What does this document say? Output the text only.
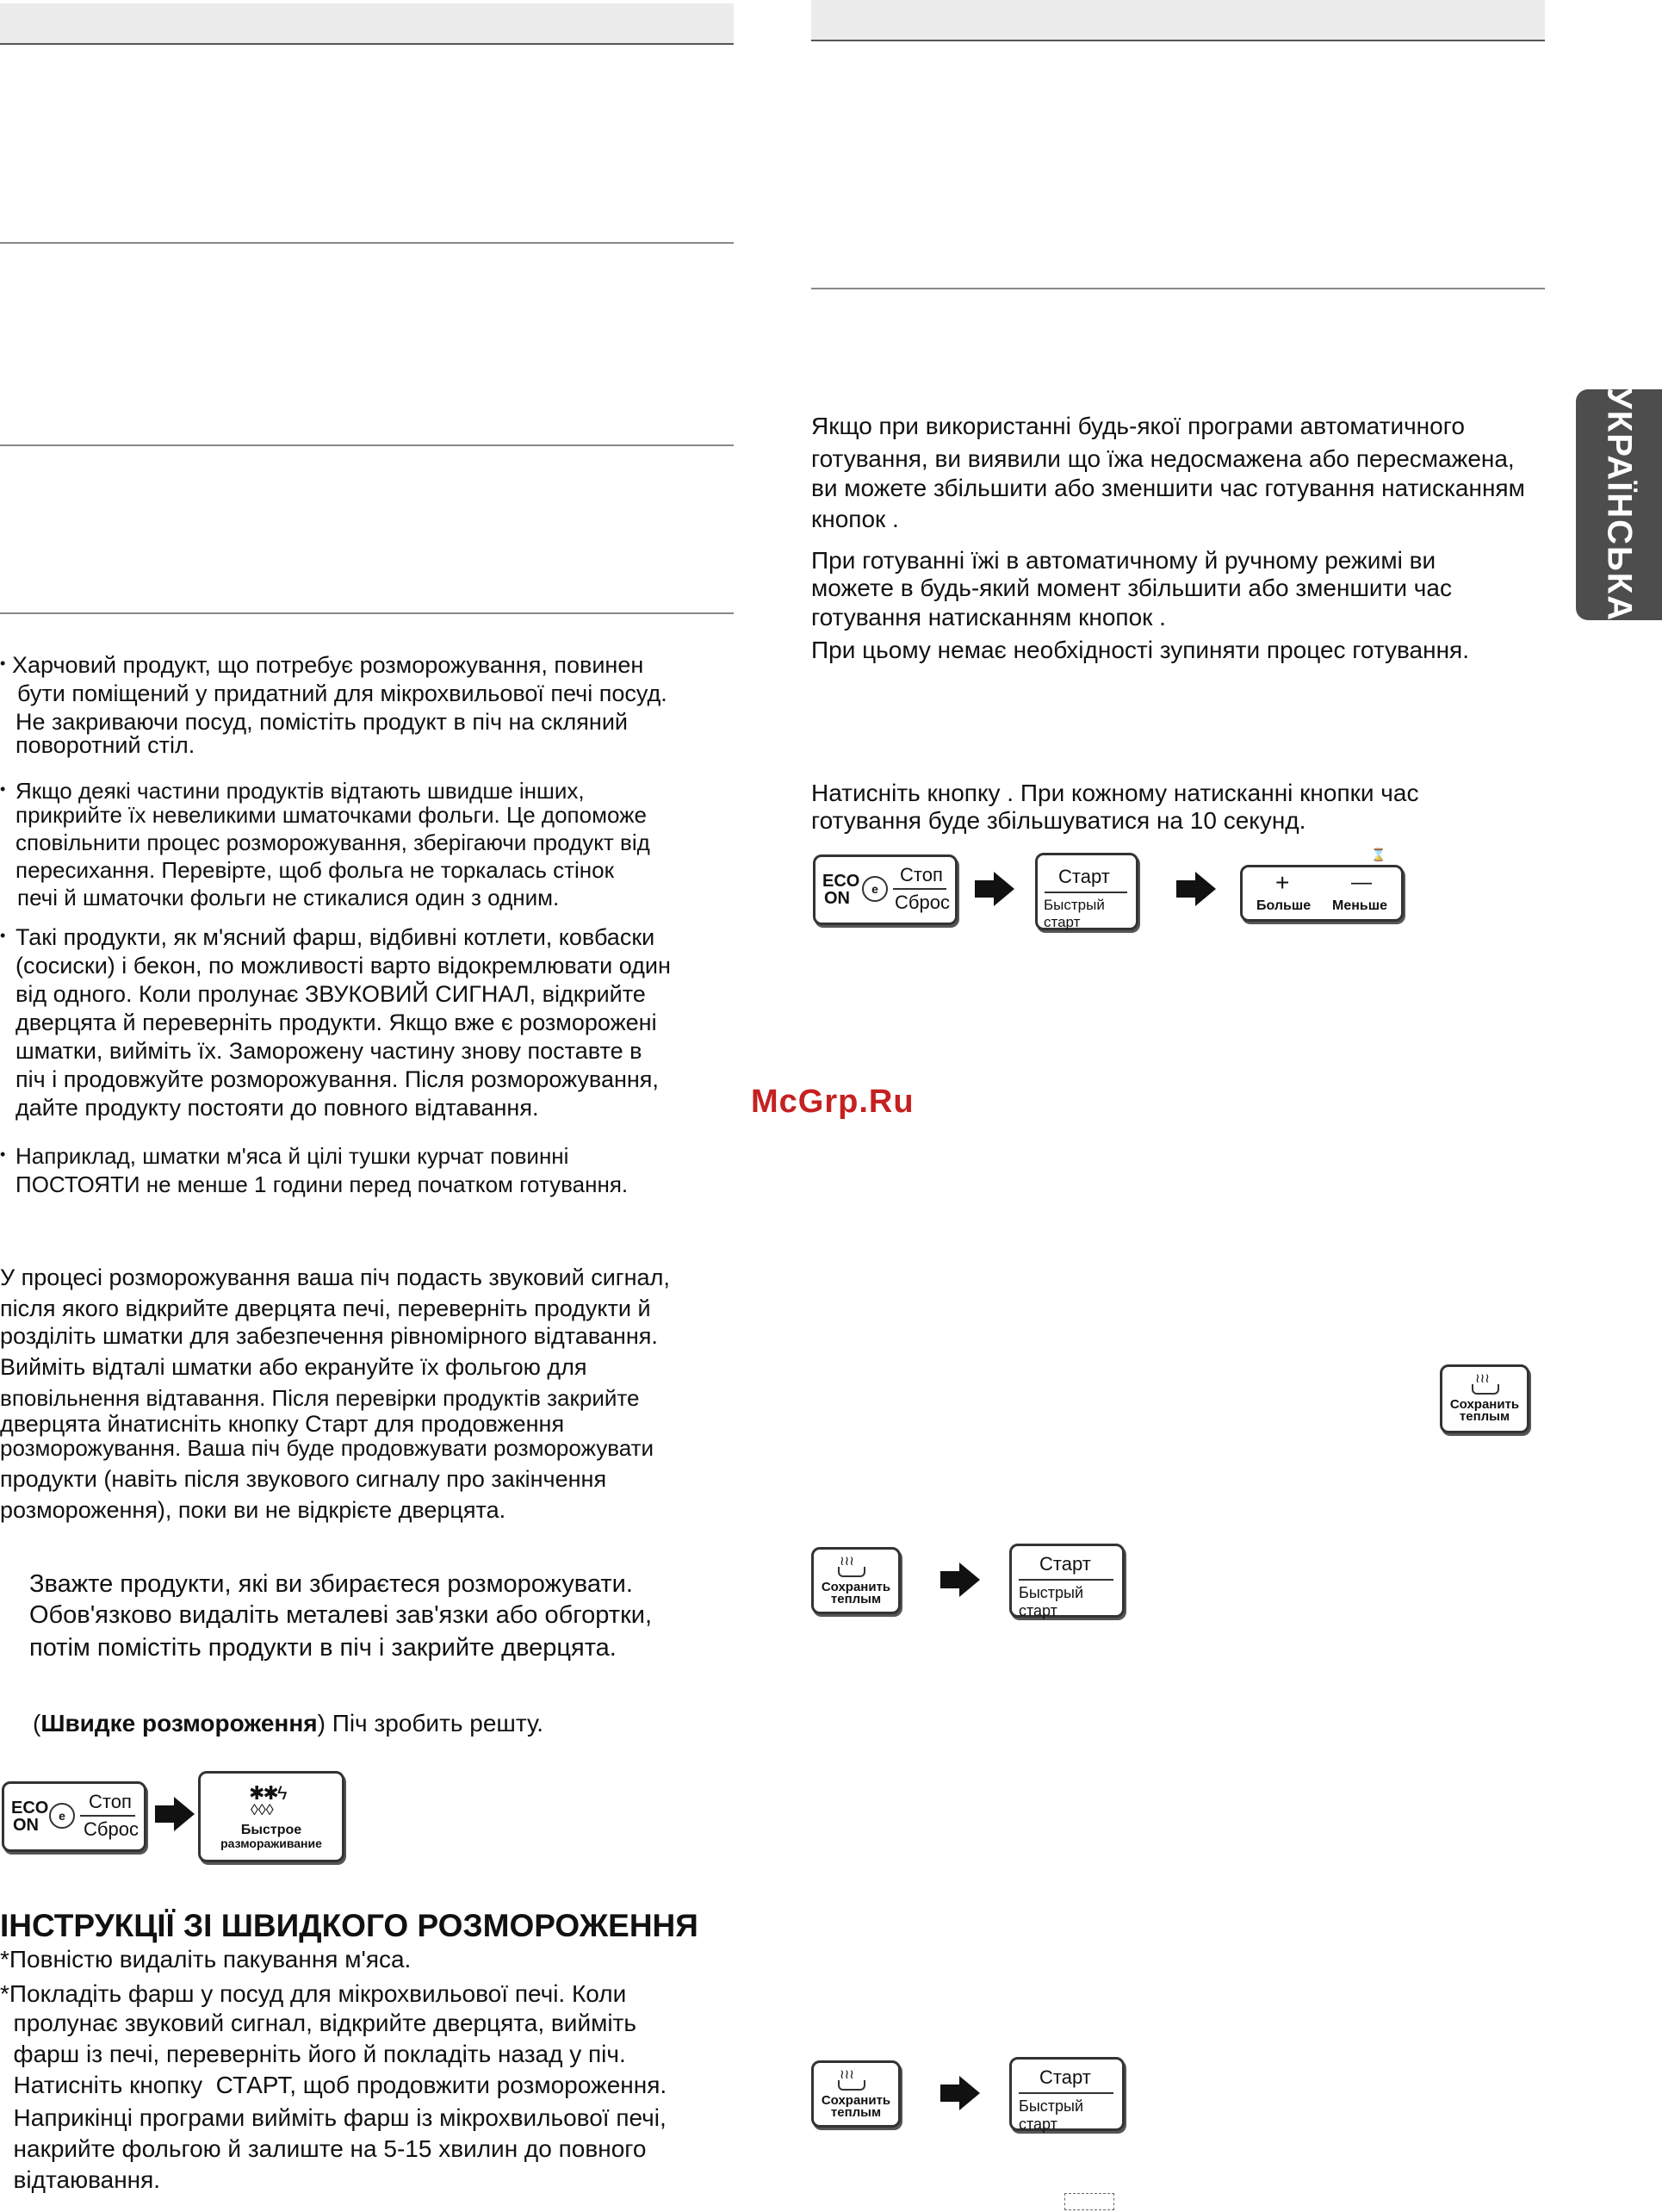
УКРАЇНСЬКА
Якщо при використанні будь-якої програми автоматичного
готування, ви виявили що їжа недосмажена або пересмажена,
ви можете збільшити або зменшити час готування натисканням
кнопок .
При готуванні їжі в автоматичному й ручному режимі ви
можете в будь-який момент збільшити або зменшити час
готування натисканням кнопок .
При цьому немає необхідності зупиняти процес готування.
Натисніть кнопку . При кожному натисканні кнопки час
готування буде збільшуватися на 10 секунд.
ECO
ON	e
Стоп
Сброс
Старт
Быстрый старт
⌛
+	—
Больше Меньше
McGrp.Ru
≀≀≀
Сохранить
теплым
≀≀≀
Сохранить
теплым
Старт
Быстрый старт
≀≀≀
Сохранить
теплым
Старт
Быстрый старт
• Харчовий продукт, що потребує розморожування, повинен
бути поміщений у придатний для мікрохвильової печі посуд.
Не закриваючи посуд, помістіть продукт в піч на скляний
поворотний стіл.
• Якщо деякі частини продуктів відтають швидше інших,
прикрийте їх невеликими шматочками фольги. Це допоможе
сповільнити процес розморожування, зберігаючи продукт від
пересихання. Перевірте, щоб фольга не торкалась стінок
печі й шматочки фольги не стикалися один з одним.
• Такі продукти, як м'ясний фарш, відбивні котлети, ковбаски
(сосиски) і бекон, по можливості варто відокремлювати один
від одного. Коли пролунає ЗВУКОВИЙ СИГНАЛ, відкрийте
дверцята й переверніть продукти. Якщо вже є розморожені
шматки, вийміть їх. Заморожену частину знову поставте в
піч і продовжуйте розморожування. Після розморожування,
дайте продукту постояти до повного відтавання.
• Наприклад, шматки м'яса й цілі тушки курчат повинні
ПОСТОЯТИ не менше 1 години перед початком готування.
У процесі розморожування ваша піч подасть звуковий сигнал,
після якого відкрийте дверцята печі, переверніть продукти й
розділіть шматки для забезпечення рівномірного відтавання.
Вийміть відталі шматки або екрануйте їх фольгою для
вповільнення відтавання. Після перевірки продуктів закрийте
дверцята йнатисніть кнопку Старт для продовження
розморожування. Ваша піч буде продовжувати розморожувати
продукти (навіть після звукового сигналу про закінчення
розмороження), поки ви не відкрієте дверцята.
Зважте продукти, які ви збираєтеся розморожувати.
Обов'язково видаліть металеві зав'язки або обгортки,
потім помістіть продукти в піч і закрийте дверцята.
(Швидке розмороження) Піч зробить решту.
ECO
ON	e
Стоп
Сброс
✱✱ϟ
◊◊◊
Быстрое
размораживание
ІНСТРУКЦІЇ ЗІ ШВИДКОГО РОЗМОРОЖЕННЯ
*Повністю видаліть пакування м'яса.
*Покладіть фарш у посуд для мікрохвильової печі. Коли
пролунає звуковий сигнал, відкрийте дверцята, вийміть
фарш із печі, переверніть його й покладіть назад у піч.
Натисніть кнопку  СТАРТ, щоб продовжити розмороження.
Наприкінці програми вийміть фарш із мікрохвильової печі,
накрийте фольгою й залиште на 5-15 хвилин до повного
відтаювання.
